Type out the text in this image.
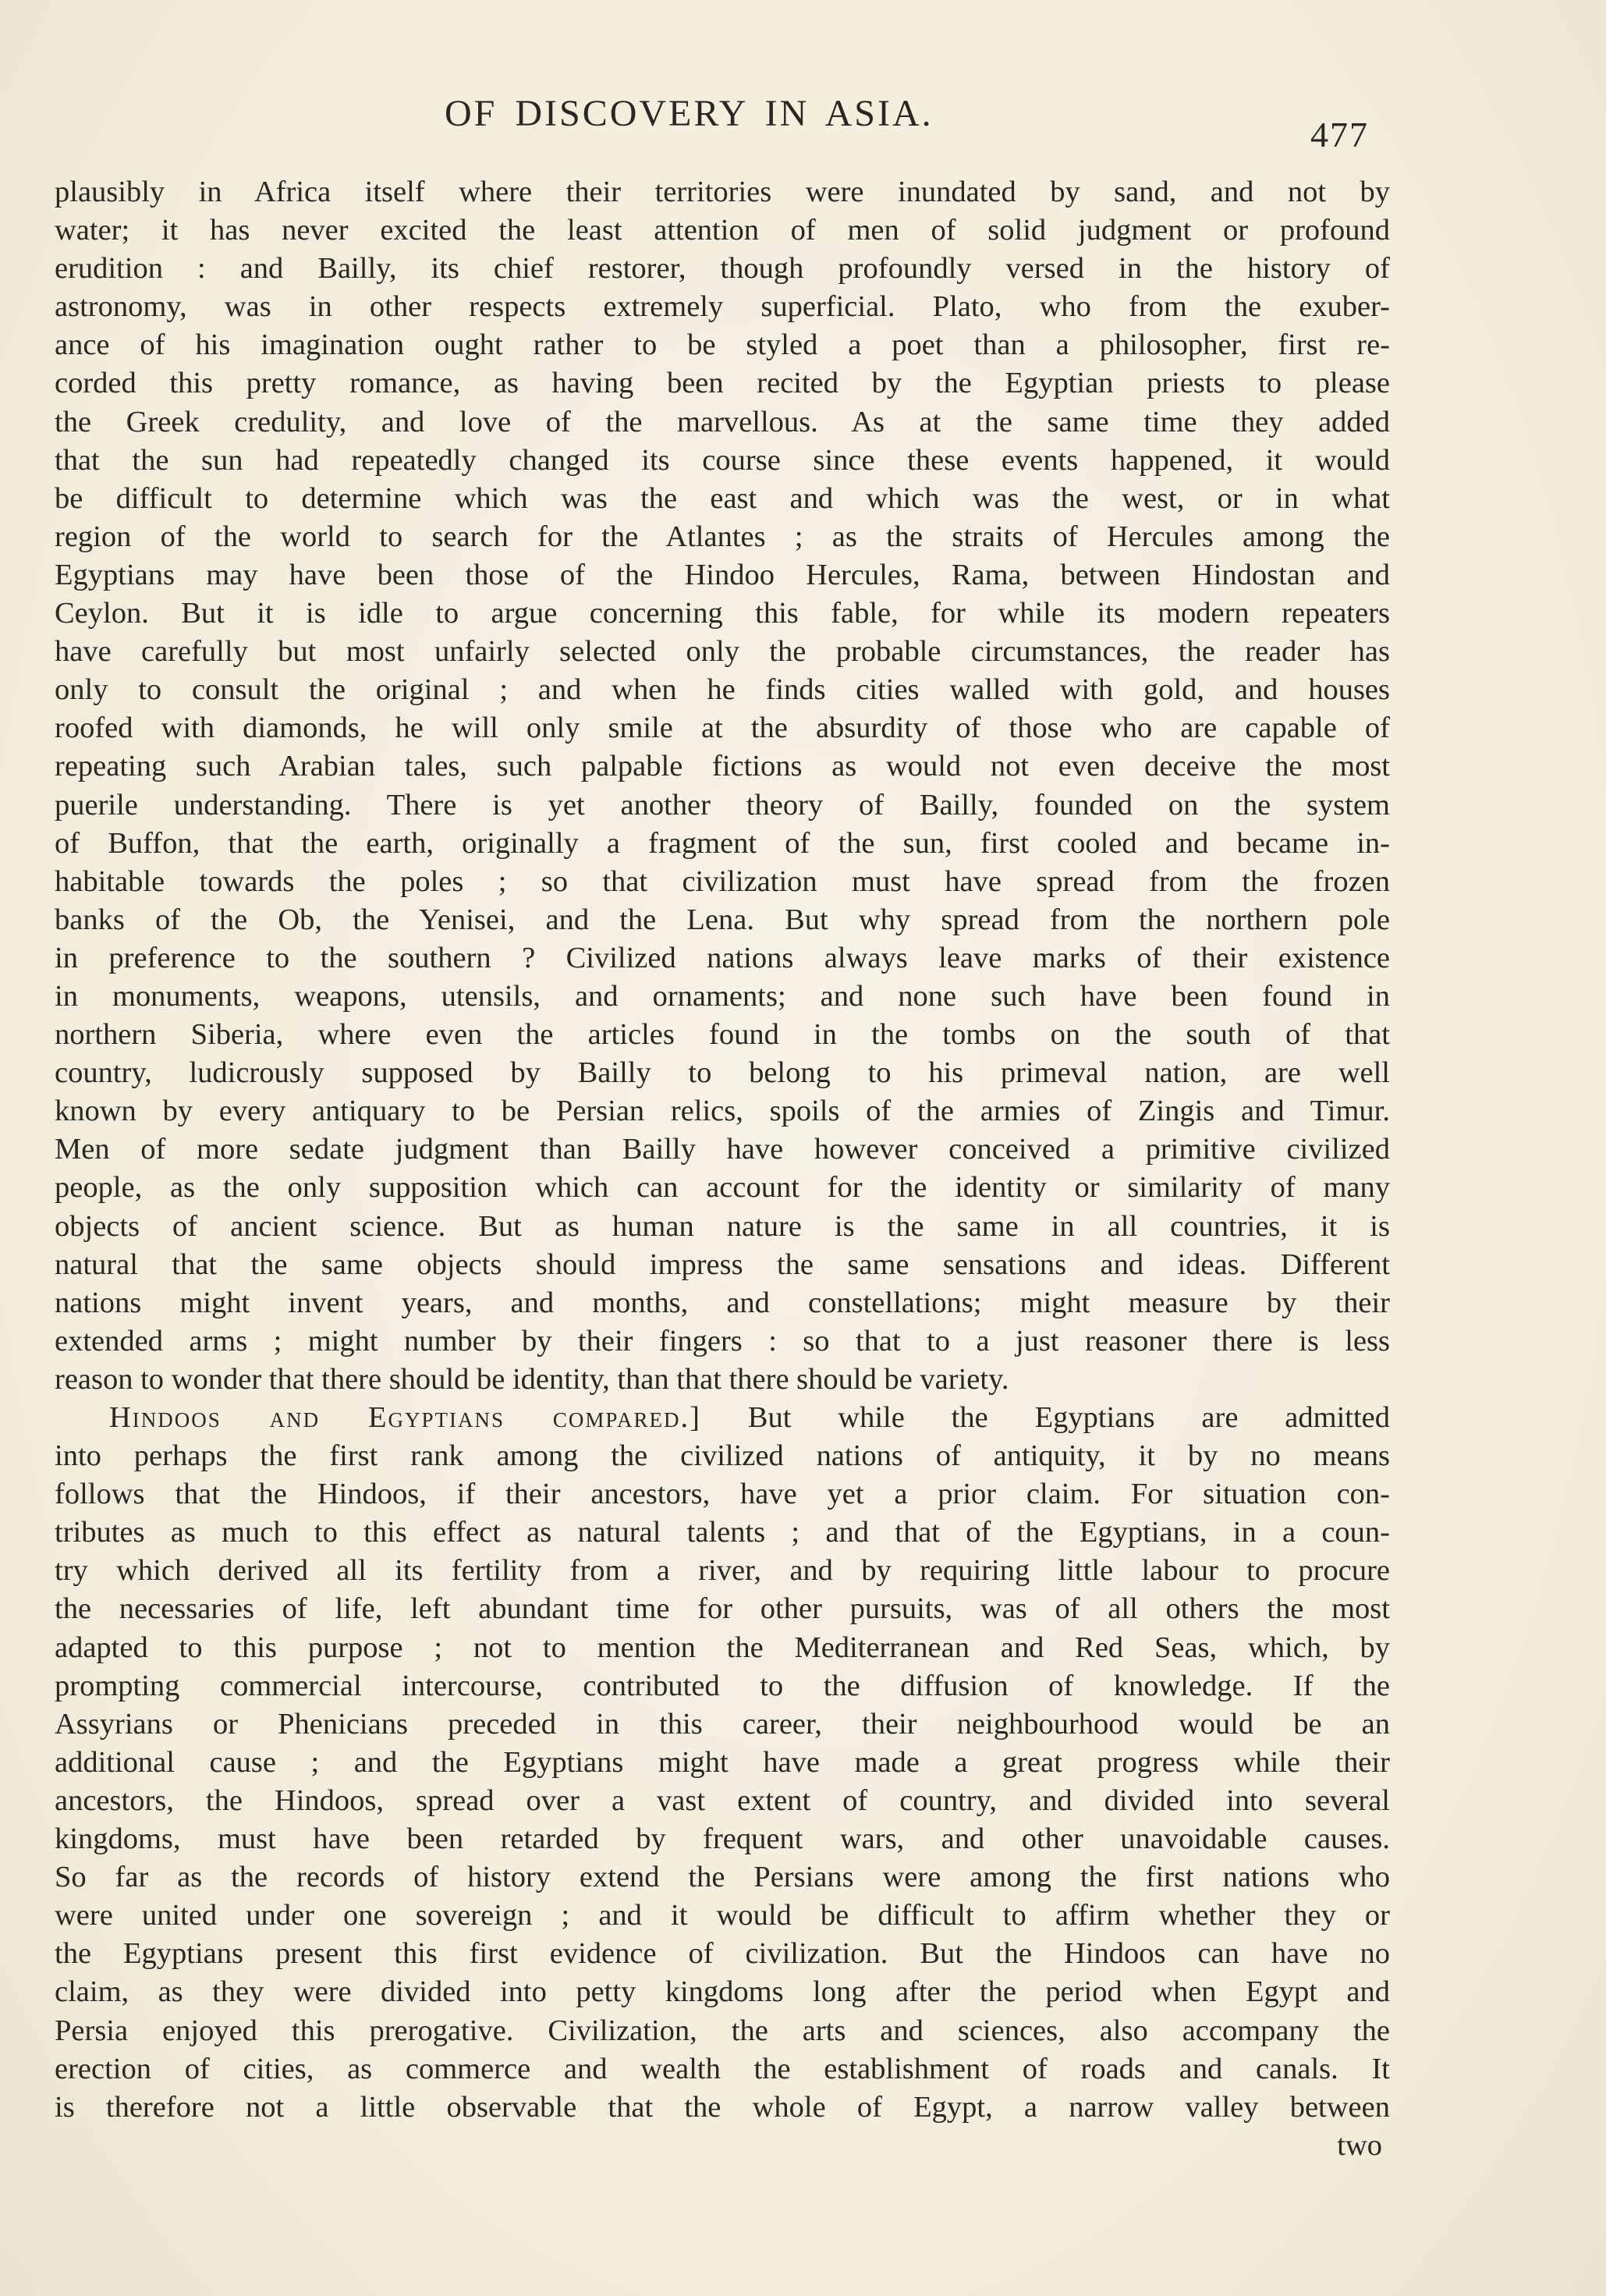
OF DISCOVERY IN ASIA.
477
plausibly in Africa itself where their territories were inundated by sand, and not by
water; it has never excited the least attention of men of solid judgment or profound
erudition : and Bailly, its chief restorer, though profoundly versed in the history of
astronomy, was in other respects extremely superficial. Plato, who from the exuber-
ance of his imagination ought rather to be styled a poet than a philosopher, first re-
corded this pretty romance, as having been recited by the Egyptian priests to please
the Greek credulity, and love of the marvellous. As at the same time they added
that the sun had repeatedly changed its course since these events happened, it would
be difficult to determine which was the east and which was the west, or in what
region of the world to search for the Atlantes ; as the straits of Hercules among the
Egyptians may have been those of the Hindoo Hercules, Rama, between Hindostan and
Ceylon. But it is idle to argue concerning this fable, for while its modern repeaters
have carefully but most unfairly selected only the probable circumstances, the reader has
only to consult the original ; and when he finds cities walled with gold, and houses
roofed with diamonds, he will only smile at the absurdity of those who are capable of
repeating such Arabian tales, such palpable fictions as would not even deceive the most
puerile understanding. There is yet another theory of Bailly, founded on the system
of Buffon, that the earth, originally a fragment of the sun, first cooled and became in-
habitable towards the poles ; so that civilization must have spread from the frozen
banks of the Ob, the Yenisei, and the Lena. But why spread from the northern pole
in preference to the southern ? Civilized nations always leave marks of their existence
in monuments, weapons, utensils, and ornaments; and none such have been found in
northern Siberia, where even the articles found in the tombs on the south of that
country, ludicrously supposed by Bailly to belong to his primeval nation, are well
known by every antiquary to be Persian relics, spoils of the armies of Zingis and Timur.
Men of more sedate judgment than Bailly have however conceived a primitive civilized
people, as the only supposition which can account for the identity or similarity of many
objects of ancient science. But as human nature is the same in all countries, it is
natural that the same objects should impress the same sensations and ideas. Different
nations might invent years, and months, and constellations; might measure by their
extended arms ; might number by their fingers : so that to a just reasoner there is less
reason to wonder that there should be identity, than that there should be variety.
Hindoos and Egyptians compared.] But while the Egyptians are admitted
into perhaps the first rank among the civilized nations of antiquity, it by no means
follows that the Hindoos, if their ancestors, have yet a prior claim. For situation con-
tributes as much to this effect as natural talents ; and that of the Egyptians, in a coun-
try which derived all its fertility from a river, and by requiring little labour to procure
the necessaries of life, left abundant time for other pursuits, was of all others the most
adapted to this purpose ; not to mention the Mediterranean and Red Seas, which, by
prompting commercial intercourse, contributed to the diffusion of knowledge. If the
Assyrians or Phenicians preceded in this career, their neighbourhood would be an
additional cause ; and the Egyptians might have made a great progress while their
ancestors, the Hindoos, spread over a vast extent of country, and divided into several
kingdoms, must have been retarded by frequent wars, and other unavoidable causes.
So far as the records of history extend the Persians were among the first nations who
were united under one sovereign ; and it would be difficult to affirm whether they or
the Egyptians present this first evidence of civilization. But the Hindoos can have no
claim, as they were divided into petty kingdoms long after the period when Egypt and
Persia enjoyed this prerogative. Civilization, the arts and sciences, also accompany the
erection of cities, as commerce and wealth the establishment of roads and canals. It
is therefore not a little observable that the whole of Egypt, a narrow valley between
two
